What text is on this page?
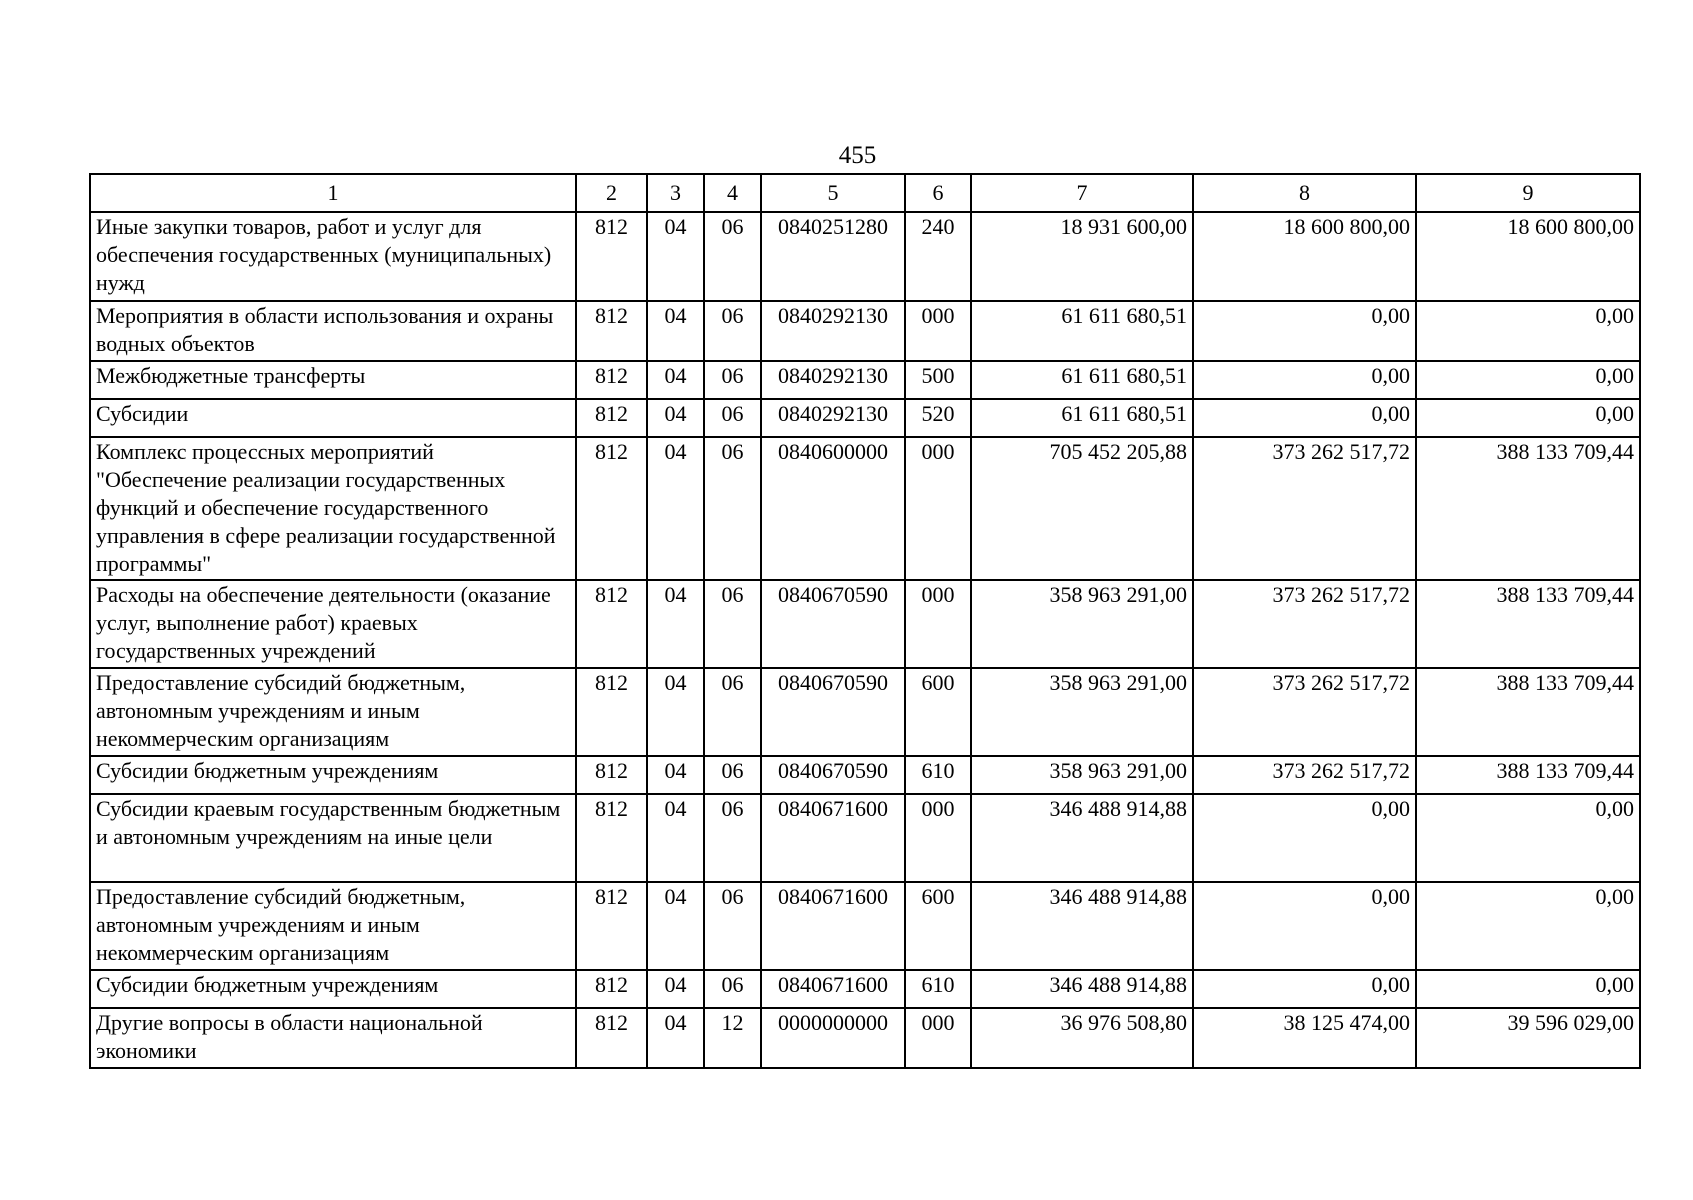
455
1	2	3	4	5	6	7	8	9
Иные закупки товаров, работ и услуг для обеспечения государственных (муниципальных) нужд	812	04	06	0840251280	240	18 931 600,00	18 600 800,00	18 600 800,00
Мероприятия в области использования и охраны водных объектов	812	04	06	0840292130	000	61 611 680,51	0,00	0,00
Межбюджетные трансферты	812	04	06	0840292130	500	61 611 680,51	0,00	0,00
Субсидии	812	04	06	0840292130	520	61 611 680,51	0,00	0,00
Комплекс процессных мероприятий "Обеспечение реализации государственных функций и обеспечение государственного управления в сфере реализации государственной программы"	812	04	06	0840600000	000	705 452 205,88	373 262 517,72	388 133 709,44
Расходы на обеспечение деятельности (оказание услуг, выполнение работ) краевых государственных учреждений	812	04	06	0840670590	000	358 963 291,00	373 262 517,72	388 133 709,44
Предоставление субсидий бюджетным, автономным учреждениям и иным некоммерческим организациям	812	04	06	0840670590	600	358 963 291,00	373 262 517,72	388 133 709,44
Субсидии бюджетным учреждениям	812	04	06	0840670590	610	358 963 291,00	373 262 517,72	388 133 709,44
Субсидии краевым государственным бюджетным и автономным учреждениям на иные цели	812	04	06	0840671600	000	346 488 914,88	0,00	0,00
Предоставление субсидий бюджетным, автономным учреждениям и иным некоммерческим организациям	812	04	06	0840671600	600	346 488 914,88	0,00	0,00
Субсидии бюджетным учреждениям	812	04	06	0840671600	610	346 488 914,88	0,00	0,00
Другие вопросы в области национальной экономики	812	04	12	0000000000	000	36 976 508,80	38 125 474,00	39 596 029,00
